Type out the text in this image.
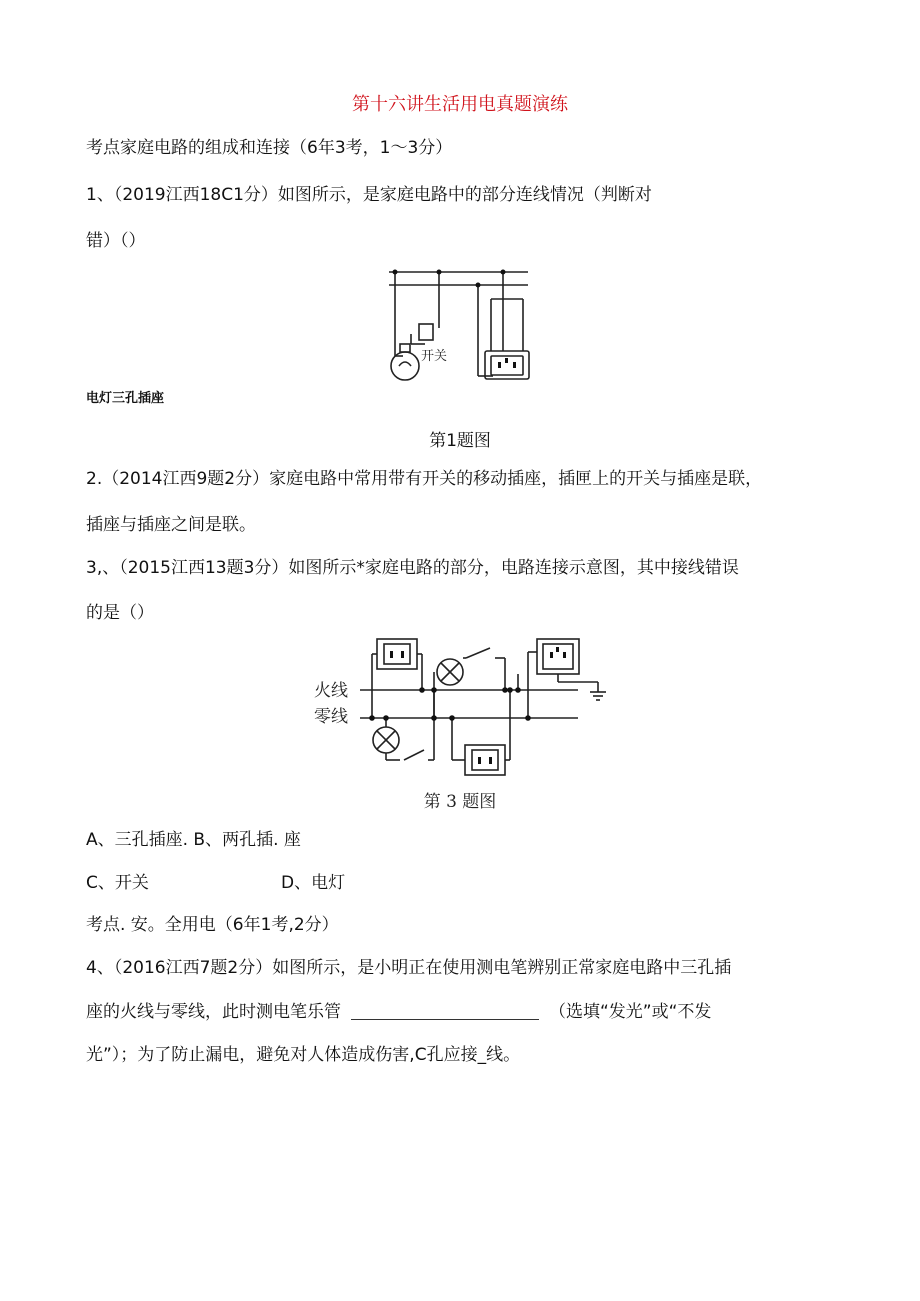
第十六讲生活用电真题演练
考点家庭电路的组成和连接（6年3考，1～3分）
1、（2019江西18C1分）如图所示，是家庭电路中的部分连线情况（判断对
错）（）
开关
电灯三孔插座
第1题图
2.（2014江西9题2分）家庭电路中常用带有开关的移动插座，插匣上的开关与插座是联，
插座与插座之间是联。
3,、（2015江西13题3分）如图所示*家庭电路的部分，电路连接示意图，其中接线错误
的是（）
火线
零线
第 3 题图
A、三孔插座. B、两孔插. 座
C、开关	D、电灯
考点. 安。全用电（6年1考,2分）
4、（2016江西7题2分）如图所示，是小明正在使用测电笔辨别正常家庭电路中三孔插
座的火线与零线，此时测电笔乐管	（选填“发光”或“不发
光”）；为了防止漏电，避免对人体造成伤害,C孔应接_线。
